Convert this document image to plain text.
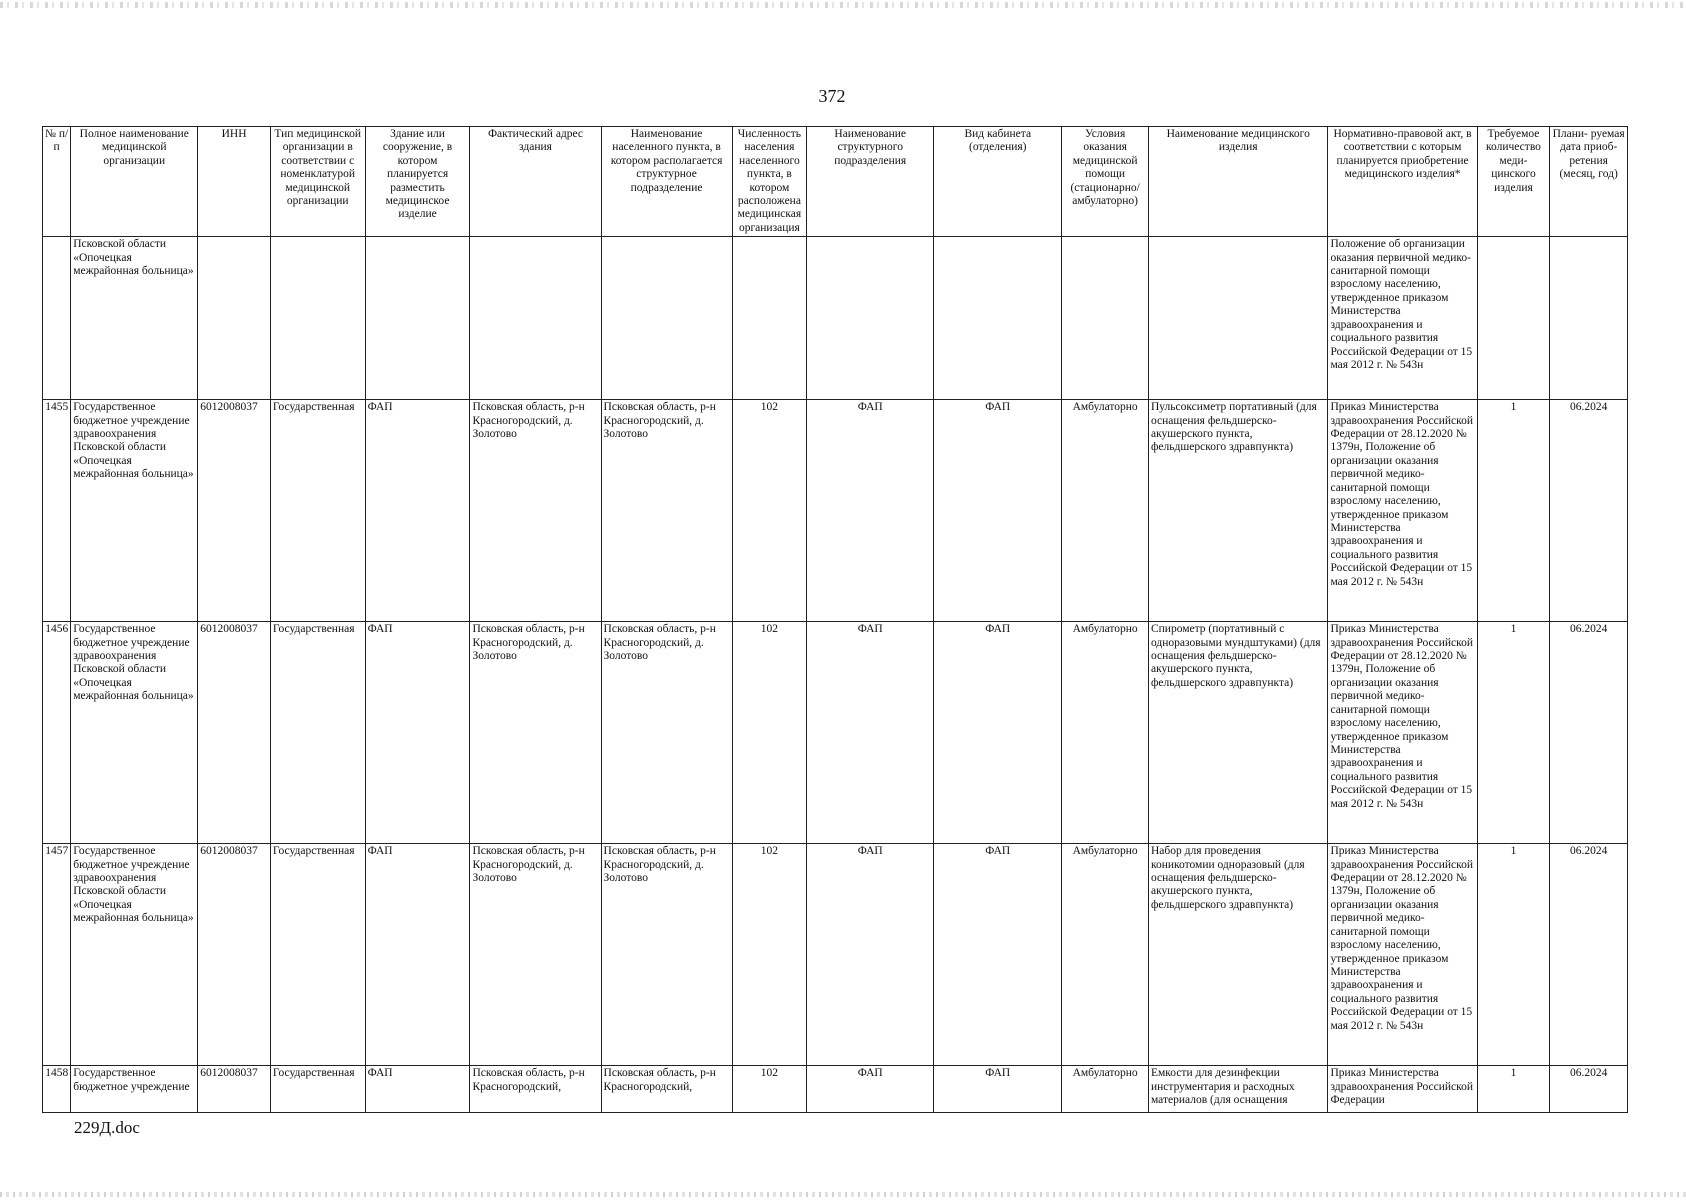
372
№ п/п	Полное наименование медицинской организации	ИНН	Тип медицинской организации в соответствии с номенклатурой медицинской организации	Здание или сооружение, в котором планируется разместить медицинское изделие	Фактический адрес здания	Наименование населенного пункта, в котором располагается структурное подразделение	Численность населения населенного пункта, в котором расположена медицинская организация	Наименование структурного подразделения	Вид кабинета (отделения)	Условия оказания медицинской помощи (стационарно/ амбулаторно)	Наименование медицинского изделия	Нормативно-правовой акт, в соответствии с которым планируется приобретение медицинского изделия*	Требуемое количество меди- цинского изделия	Плани- руемая дата приоб- ретения (месяц, год)
	Псковской области «Опочецкая межрайонная больница»											Положение об организации оказания первичной медико-санитарной помощи взрослому населению, утвержденное приказом Министерства здравоохранения и социального развития Российской Федерации от 15 мая 2012 г. № 543н		
1455	Государственное бюджетное учреждение здравоохранения Псковской области «Опочецкая межрайонная больница»	6012008037	Государственная	ФАП	Псковская область, р-н Красногородский, д. Золотово	Псковская область, р-н Красногородский, д. Золотово	102	ФАП	ФАП	Амбулаторно	Пульсоксиметр портативный (для оснащения фельдшерско-акушерского пункта, фельдшерского здравпункта)	Приказ Министерства здравоохранения Российской Федерации от 28.12.2020 № 1379н, Положение об организации оказания первичной медико-санитарной помощи взрослому населению, утвержденное приказом Министерства здравоохранения и социального развития Российской Федерации от 15 мая 2012 г. № 543н	1	06.2024
1456	Государственное бюджетное учреждение здравоохранения Псковской области «Опочецкая межрайонная больница»	6012008037	Государственная	ФАП	Псковская область, р-н Красногородский, д. Золотово	Псковская область, р-н Красногородский, д. Золотово	102	ФАП	ФАП	Амбулаторно	Спирометр (портативный с одноразовыми мундштуками) (для оснащения фельдшерско-акушерского пункта, фельдшерского здравпункта)	Приказ Министерства здравоохранения Российской Федерации от 28.12.2020 № 1379н, Положение об организации оказания первичной медико-санитарной помощи взрослому населению, утвержденное приказом Министерства здравоохранения и социального развития Российской Федерации от 15 мая 2012 г. № 543н	1	06.2024
1457	Государственное бюджетное учреждение здравоохранения Псковской области «Опочецкая межрайонная больница»	6012008037	Государственная	ФАП	Псковская область, р-н Красногородский, д. Золотово	Псковская область, р-н Красногородский, д. Золотово	102	ФАП	ФАП	Амбулаторно	Набор для проведения коникотомии одноразовый (для оснащения фельдшерско-акушерского пункта, фельдшерского здравпункта)	Приказ Министерства здравоохранения Российской Федерации от 28.12.2020 № 1379н, Положение об организации оказания первичной медико-санитарной помощи взрослому населению, утвержденное приказом Министерства здравоохранения и социального развития Российской Федерации от 15 мая 2012 г. № 543н	1	06.2024
1458	Государственное бюджетное учреждение	6012008037	Государственная	ФАП	Псковская область, р-н Красногородский,	Псковская область, р-н Красногородский,	102	ФАП	ФАП	Амбулаторно	Емкости для дезинфекции инструментария и расходных материалов (для оснащения	Приказ Министерства здравоохранения Российской Федерации	1	06.2024
229Д.doc
